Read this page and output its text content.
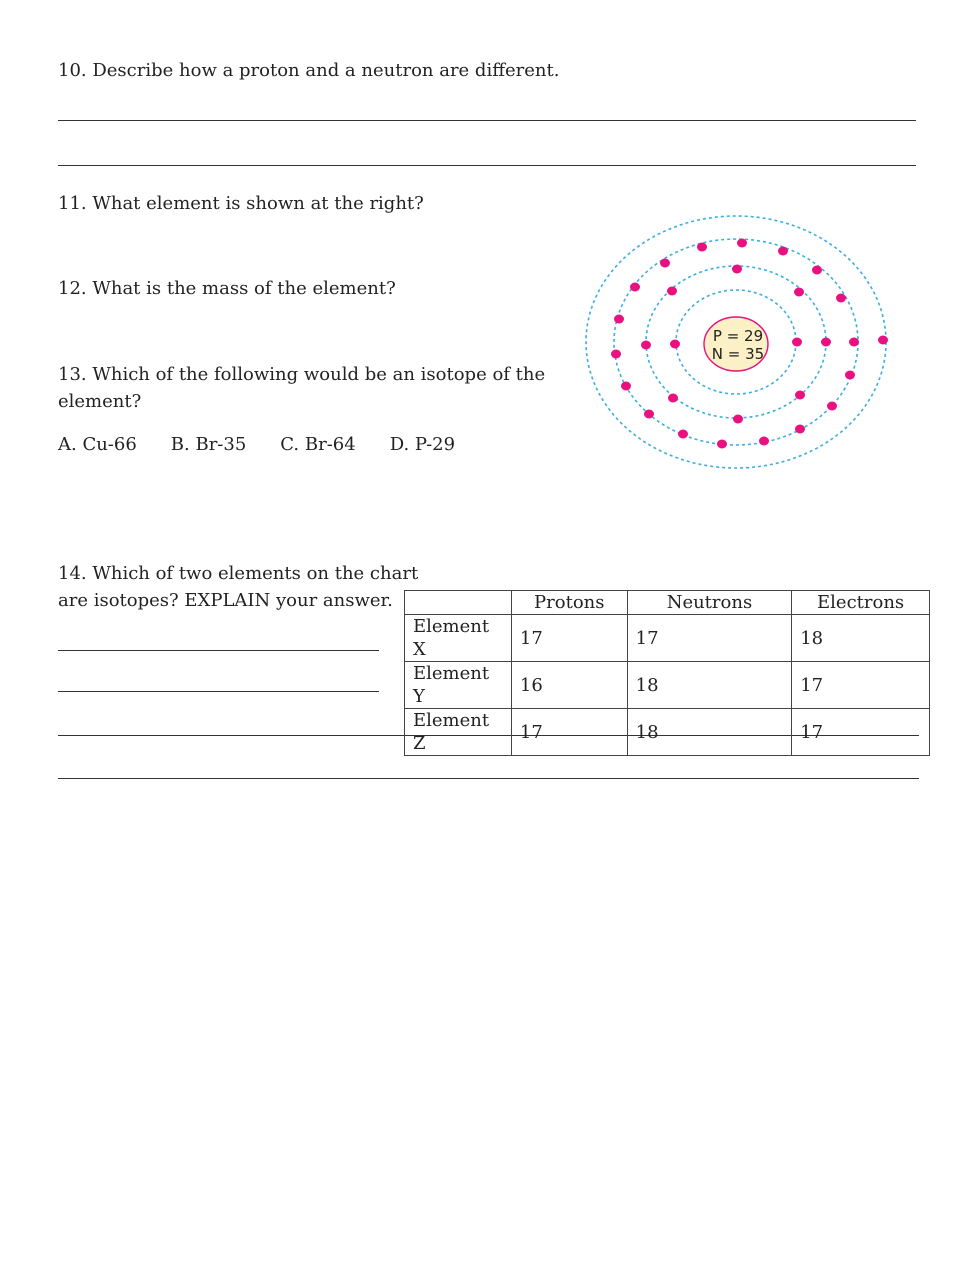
10. Describe how a proton and a neutron are different.
11. What element is shown at the right?
12. What is the mass of the element?
13. Which of the following would be an isotope of the
element?
A. Cu-66 B. Br-35 C. Br-64 D. P-29
P = 29
N = 35
14. Which of two elements on the chart
are isotopes? EXPLAIN your answer.
		Protons	Neutrons	Electrons
Element X	17	17	18
Element Y	16	18	17
Element Z	17	18	17
